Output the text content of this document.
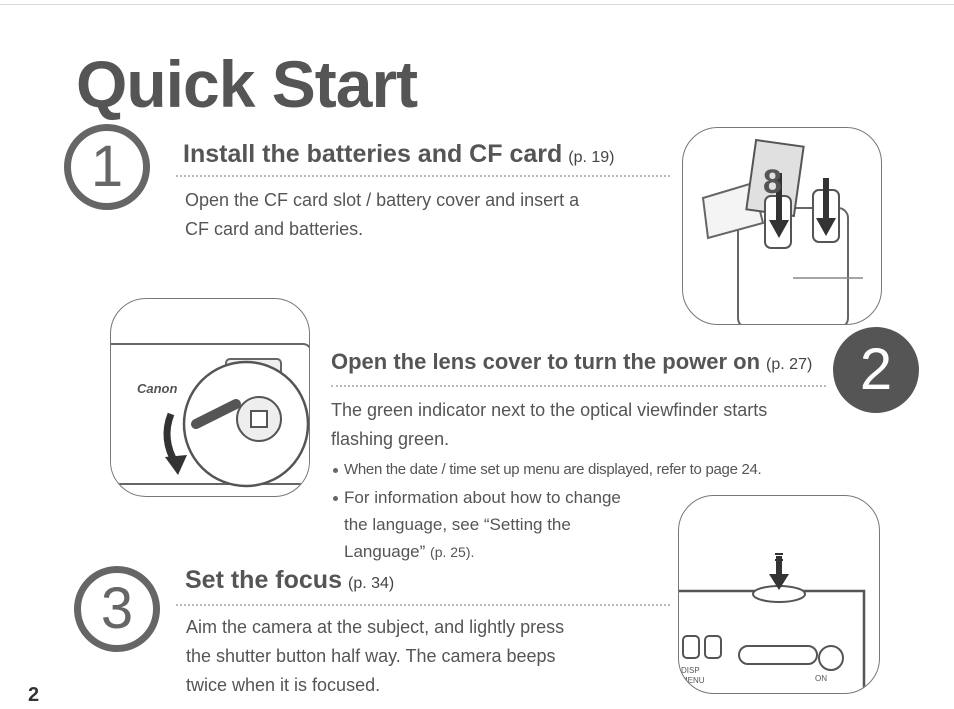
Quick Start
1	Install the batteries and CF card (p. 19)
Open the CF card slot / battery cover and insert a
CF card and batteries.
8
Canon	2
Open the lens cover to turn the power on (p. 27)
The green indicator next to the optical viewfinder starts
flashing green.
When the date / time set up menu are displayed, refer to page 24.
For information about how to change
the language, see “Setting the
Language” (p. 25).
3	Set the focus (p. 34)
Aim the camera at the subject, and lightly press
the shutter button half way. The camera beeps
twice when it is focused.
DISP
MENU	ON
2
